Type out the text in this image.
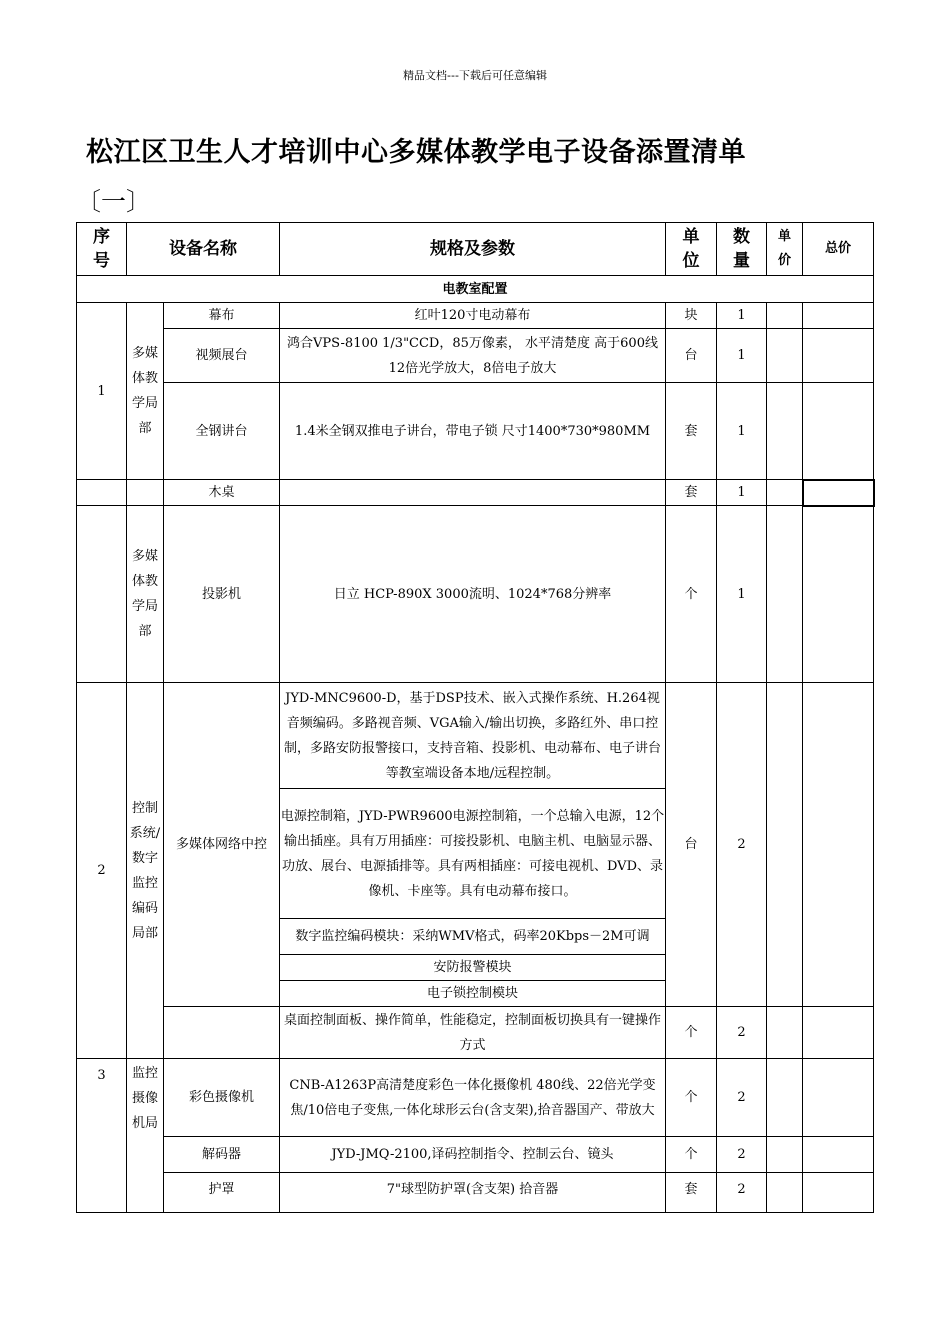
精品文档---下载后可任意编辑
松江区卫生人才培训中心多媒体教学电子设备添置清单
〔一〕
序号	设备名称		规格及参数	单位	数量	单价	总价
电教室配置							
1	多媒体教学局部	幕布	红叶120寸电动幕布	块	1		
		视频展台	鸿合VPS-8100 1/3"CCD，85万像素， 水平清楚度 高于600线 12倍光学放大，8倍电子放大	台	1		
		全钢讲台	1.4米全钢双推电子讲台，带电子锁 尺寸1400*730*980MM	套	1		
		木桌		套	1		
	多媒体教学局部	投影机	日立 HCP-890X 3000流明、1024*768分辨率	个	1		
2	控制系统/数字监控编码局部	多媒体网络中控	JYD-MNC9600-D，基于DSP技术、嵌入式操作系统、H.264视音频编码。多路视音频、VGA输入/输出切换，多路红外、串口控制，多路安防报警接口，支持音箱、投影机、电动幕布、电子讲台等教室端设备本地/远程控制。	台	2		
			电源控制箱，JYD-PWR9600电源控制箱，一个总输入电源，12个输出插座。具有万用插座：可接投影机、电脑主机、电脑显示器、功放、展台、电源插排等。具有两相插座：可接电视机、DVD、录像机、卡座等。具有电动幕布接口。				
			数字监控编码模块：采纳WMV格式，码率20Kbps－2M可调				
			安防报警模块				
			电子锁控制模块				
			桌面控制面板、操作简单，性能稳定，控制面板切换具有一键操作方式	个	2		
3	监控摄像机局	彩色摄像机	CNB-A1263P高清楚度彩色一体化摄像机 480线、22倍光学变焦/10倍电子变焦,一体化球形云台(含支架),拾音器国产、带放大	个	2		
		解码器	JYD-JMQ-2100,译码控制指令、控制云台、镜头	个	2		
		护罩	7"球型防护罩(含支架) 拾音器	套	2		
